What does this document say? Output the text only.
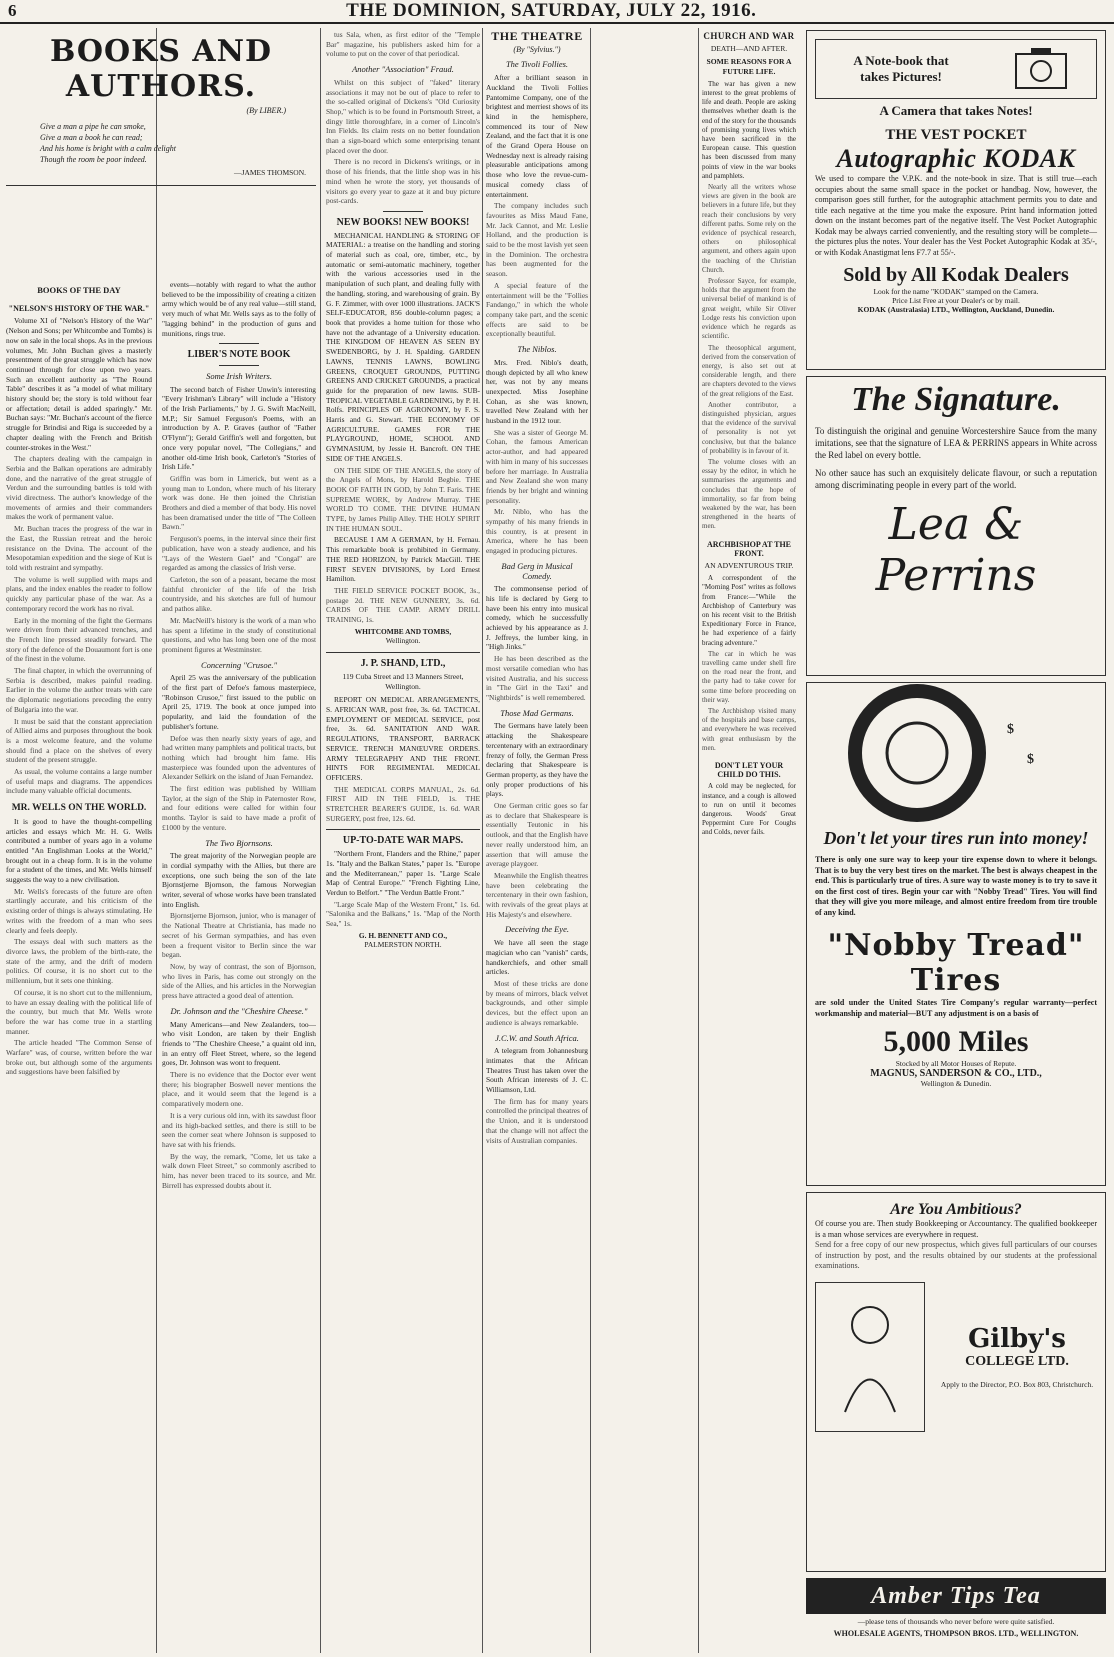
6	THE DOMINION, SATURDAY, JULY 22, 1916.
BOOKS AND AUTHORS.
(By LIBER.)
Give a man a pipe he can smoke,
Give a man a book he can read;
And his home is bright with a calm delight
Though the room be poor indeed.
—JAMES THOMSON.
BOOKS OF THE DAY
"NELSON'S HISTORY OF THE WAR."

Volume XI of "Nelson's History of the War" (Nelson and Sons; per Whitcombe and Tombs) is now on sale in the local shops. As in the previous volumes, Mr. John Buchan gives a masterly presentment of the great struggle which has now continued through for close upon two years. Such an excellent authority as "The Round Table" describes it as "a model of what military history should be; the story is told without fear or affectation; detail is added sparingly." Mr. Buchan says: "Mr. Buchan's account of the fierce struggle for Brindisi and Riga is succeeded by a chapter dealing with the French and British counter-strokes in the West."

The chapters dealing with the campaign in Serbia and the Balkan operations are admirably done, and the narrative of the great struggle of Verdun and the surrounding battles is told with vivid directness. The author's knowledge of the movements of armies and their commanders makes the work of permanent value.

Mr. Buchan traces the progress of the war in the East, the Russian retreat and the heroic resistance on the Dvina. The account of the Mesopotamian expedition and the siege of Kut is told with restraint and sympathy.

The volume is well supplied with maps and plans, and the index enables the reader to follow quickly any particular phase of the war. As a contemporary record the work has no rival.

Early in the morning of the fight the Germans were driven from their advanced trenches, and the French line pressed steadily forward. The story of the defence of the Douaumont fort is one of the finest in the volume.

The final chapter, in which the overrunning of Serbia is described, makes painful reading. Earlier in the volume the author treats with care the diplomatic negotiations preceding the entry of Bulgaria into the war.

It must be said that the constant appreciation of Allied aims and purposes throughout the book is a most welcome feature, and the volume should find a place on the shelves of every student of the present struggle.

As usual, the volume contains a large number of useful maps and diagrams. The appendices include many valuable official documents.

MR. WELLS ON THE WORLD.

It is good to have the thought-compelling articles and essays which Mr. H. G. Wells contributed a number of years ago in a volume entitled "An Englishman Looks at the World," brought out in a cheap form. It is in the volume for a student of the times, and Mr. Wells himself suggests the way to a new civilisation.

Mr. Wells's forecasts of the future are often startlingly accurate, and his criticism of the existing order of things is always stimulating. He writes with the freedom of a man who sees clearly and feels deeply.

The essays deal with such matters as the divorce laws, the problem of the birth-rate, the state of the army, and the drift of modern politics. Of course, it is no short cut to the millennium, but it sets one thinking.

Of course, it is no short cut to the millennium, to have an essay dealing with the political life of the country, but much that Mr. Wells wrote before the war has come true in a startling manner.

The article headed "The Common Sense of Warfare" was, of course, written before the war broke out, but although some of the arguments and suggestions have been falsified by

events—notably with regard to what the author believed to be the impossibility of creating a citizen army which would be of any real value—still stand, very much of what Mr. Wells says as to the folly of "lagging behind" in the production of guns and munitions, rings true.

LIBER'S NOTE BOOK
Some Irish Writers.

The second batch of Fisher Unwin's interesting "Every Irishman's Library" will include a "History of the Irish Parliaments," by J. G. Swift MacNeill, M.P.; Sir Samuel Ferguson's Poems, with an introduction by A. P. Graves (author of "Father O'Flynn"); Gerald Griffin's well and forgotten, but once very popular novel, "The Collegians," and another old-time Irish book, Carleton's "Stories of Irish Life."

Griffin was born in Limerick, but went as a young man to London, where much of his literary work was done. He then joined the Christian Brothers and died a member of that body. His novel has been dramatised under the title of "The Colleen Bawn."

Ferguson's poems, in the interval since their first publication, have won a steady audience, and his "Lays of the Western Gael" and "Congal" are regarded as among the classics of Irish verse.

Carleton, the son of a peasant, became the most faithful chronicler of the life of the Irish countryside, and his sketches are full of humour and pathos alike.

Mr. MacNeill's history is the work of a man who has spent a lifetime in the study of constitutional questions, and who has long been one of the most prominent figures at Westminster.

Concerning "Crusoe."

April 25 was the anniversary of the publication of the first part of Defoe's famous masterpiece, "Robinson Crusoe," first issued to the public on April 25, 1719. The book at once jumped into popularity, and laid the foundation of the publisher's fortune.

Defoe was then nearly sixty years of age, and had written many pamphlets and political tracts, but nothing which had brought him fame. His masterpiece was founded upon the adventures of Alexander Selkirk on the island of Juan Fernandez.

The first edition was published by William Taylor, at the sign of the Ship in Paternoster Row, and four editions were called for within four months. Taylor is said to have made a profit of £1000 by the venture.

The Two Bjornsons.

The great majority of the Norwegian people are in cordial sympathy with the Allies, but there are exceptions, one such being the son of the late Bjornstjerne Bjornson, the famous Norwegian writer, several of whose works have been translated into English.

Bjornstjerne Bjornson, junior, who is manager of the National Theatre at Christiania, has made no secret of his German sympathies, and has even been a frequent visitor to Berlin since the war began.

Now, by way of contrast, the son of Bjornson, who lives in Paris, has come out strongly on the side of the Allies, and his articles in the Norwegian press have attracted a good deal of attention.

Dr. Johnson and the "Cheshire Cheese."

Many Americans—and New Zealanders, too—who visit London, are taken by their English friends to "The Cheshire Cheese," a quaint old inn, in an entry off Fleet Street, where, so the legend goes, Dr. Johnson was wont to frequent.

There is no evidence that the Doctor ever went there; his biographer Boswell never mentions the place, and it would seem that the legend is a comparatively modern one.

It is a very curious old inn, with its sawdust floor and its high-backed settles, and there is still to be seen the corner seat where Johnson is supposed to have sat with his friends.

By the way, the remark, "Come, let us take a walk down Fleet Street," so commonly ascribed to him, has never been traced to its source, and Mr. Birrell has expressed doubts about it.

tus Sala, when, as first editor of the "Temple Bar" magazine, his publishers asked him for a volume to put on the cover of that periodical.

Another "Association" Fraud.

Whilst on this subject of "faked" literary associations it may not be out of place to refer to the so-called original of Dickens's "Old Curiosity Shop," which is to be found in Portsmouth Street, a dingy little thoroughfare, in a corner of Lincoln's Inn Fields. Its claim rests on no better foundation than a sign-board which some enterprising tenant placed over the door.

There is no record in Dickens's writings, or in those of his friends, that the little shop was in his mind when he wrote the story, yet thousands of visitors go every year to gaze at it and buy picture post-cards.

NEW BOOKS! NEW BOOKS!

MECHANICAL HANDLING & STORING OF MATERIAL: a treatise on the handling and storing of material such as coal, ore, timber, etc., by automatic or semi-automatic machinery, together with the various accessories used in the manipulation of such plant, and dealing fully with the handling, storing, and warehousing of grain. By G. F. Zimmer, with over 1000 illustrations. JACK'S SELF-EDUCATOR, 856 double-column pages; a book that provides a home tuition for those who have not the advantage of a University education. THE KINGDOM OF HEAVEN AS SEEN BY SWEDENBORG, by J. H. Spalding. GARDEN LAWNS, TENNIS LAWNS, BOWLING GREENS, CROQUET GROUNDS, PUTTING GREENS AND CRICKET GROUNDS, a practical guide for the preparation of new lawns. SUB-TROPICAL VEGETABLE GARDENING, by P. H. Rolfs. PRINCIPLES OF AGRONOMY, by F. S. Harris and G. Stewart. THE ECONOMY OF AGRICULTURE. GAMES FOR THE PLAYGROUND, HOME, SCHOOL AND GYMNASIUM, by Jessie H. Bancroft. ON THE SIDE OF THE ANGELS.

ON THE SIDE OF THE ANGELS, the story of the Angels of Mons, by Harold Begbie. THE BOOK OF FAITH IN GOD, by John T. Faris. THE SUPREME WORK, by Andrew Murray. THE WORLD TO COME. THE DIVINE HUMAN TYPE, by James Philip Alley. THE HOLY SPIRIT IN THE HUMAN SOUL.

BECAUSE I AM A GERMAN, by H. Fernau. This remarkable book is prohibited in Germany. THE RED HORIZON, by Patrick MacGill. THE FIRST SEVEN DIVISIONS, by Lord Ernest Hamilton.

THE FIELD SERVICE POCKET BOOK, 3s., postage 2d. THE NEW GUNNERY, 3s. 6d. CARDS OF THE CAMP. ARMY DRILL TRAINING, 1s.

WHITCOMBE AND TOMBS,
Wellington.
J. P. SHAND, LTD.,
119 Cuba Street and 13 Manners Street, Wellington.

REPORT ON MEDICAL ARRANGEMENTS, S. AFRICAN WAR, post free, 3s. 6d. TACTICAL EMPLOYMENT OF MEDICAL SERVICE, post free, 3s. 6d. SANITATION AND WAR. REGULATIONS, TRANSPORT, BARRACK SERVICE. TRENCH MANŒUVRE ORDERS. ARMY TELEGRAPHY AND THE FRONT. HINTS FOR REGIMENTAL MEDICAL OFFICERS.

THE MEDICAL CORPS MANUAL, 2s. 6d. FIRST AID IN THE FIELD, 1s. THE STRETCHER BEARER'S GUIDE, 1s. 6d. WAR SURGERY, post free, 12s. 6d.

UP-TO-DATE WAR MAPS.

"Northern Front, Flanders and the Rhine," paper 1s. "Italy and the Balkan States," paper 1s. "Europe and the Mediterranean," paper 1s. "Large Scale Map of Central Europe." "French Fighting Line, Verdun to Belfort." "The Verdun Battle Front."

"Large Scale Map of the Western Front," 1s. 6d. "Salonika and the Balkans," 1s. "Map of the North Sea," 1s.

G. H. BENNETT AND CO.,
PALMERSTON NORTH.
THE THEATRE
(By "Sylvius.")
The Tivoli Follies.

After a brilliant season in Auckland the Tivoli Follies Pantomime Company, one of the brightest and merriest shows of its kind in the hemisphere, commenced its tour of New Zealand, and the fact that it is one of the Grand Opera House on Wednesday next is already raising pleasurable anticipations among those who love the revue-cum-musical comedy class of entertainment.

The company includes such favourites as Miss Maud Fane, Mr. Jack Cannot, and Mr. Leslie Holland, and the production is said to be the most lavish yet seen in the Dominion. The orchestra has been augmented for the season.

A special feature of the entertainment will be the "Follies Fandango," in which the whole company take part, and the scenic effects are said to be exceptionally beautiful.

The Niblos.

Mrs. Fred. Niblo's death, though depicted by all who knew her, was not by any means unexpected. Miss Josephine Cohan, as she was known, travelled New Zealand with her husband in the 1912 tour.

She was a sister of George M. Cohan, the famous American actor-author, and had appeared with him in many of his successes before her marriage. In Australia and New Zealand she won many friends by her bright and winning personality.

Mr. Niblo, who has the sympathy of his many friends in this country, is at present in America, where he has been engaged in producing pictures.

Bad Gerg in Musical Comedy.

The commonsense period of his life is declared by Gerg to have been his entry into musical comedy, which he successfully achieved by his appearance as J. J. Jeffreys, the lumber king, in "High Jinks."

He has been described as the most versatile comedian who has visited Australia, and his success in "The Girl in the Taxi" and "Nightbirds" is well remembered.

Those Mad Germans.

The Germans have lately been attacking the Shakespeare tercentenary with an extraordinary frenzy of folly, the German Press declaring that Shakespeare is German property, as they have the only proper productions of his plays.

One German critic goes so far as to declare that Shakespeare is essentially Teutonic in his outlook, and that the English have never really understood him, an assertion that will amuse the average playgoer.

Meanwhile the English theatres have been celebrating the tercentenary in their own fashion, with revivals of the great plays at His Majesty's and elsewhere.

Deceiving the Eye.

We have all seen the stage magician who can "vanish" cards, handkerchiefs, and other small articles.

Most of these tricks are done by means of mirrors, black velvet backgrounds, and other simple devices, but the effect upon an audience is always remarkable.

J.C.W. and South Africa.

A telegram from Johannesburg intimates that the African Theatres Trust has taken over the South African interests of J. C. Williamson, Ltd.

The firm has for many years controlled the principal theatres of the Union, and it is understood that the change will not affect the visits of Australian companies.

A Note-book that takes Pictures!
A Camera that takes Notes!
THE VEST POCKET
Autographic KODAK
We used to compare the V.P.K. and the note-book in size. That is still true—each occupies about the same small space in the pocket or handbag. Now, however, the comparison goes still further, for the autographic attachment permits you to date and title each negative at the time you make the exposure. Print hand information jotted down on the instant becomes part of the negative itself. The Vest Pocket Autographic Kodak may be always carried conveniently, and the resulting story will be complete—the pictures plus the notes. Your dealer has the Vest Pocket Autographic Kodak at 35/-, or with Kodak Anastigmat lens F7.7 at 55/-.
Sold by All Kodak Dealers
Look for the name "KODAK" stamped on the Camera.
Price List Free at your Dealer's or by mail.
KODAK (Australasia) LTD., Wellington, Auckland, Dunedin.
The Signature.
To distinguish the original and genuine Worcestershire Sauce from the many imitations, see that the signature of LEA & PERRINS appears in White across the Red label on every bottle.
No other sauce has such an exquisitely delicate flavour, or such a reputation among discriminating people in every part of the world.
Lea & Perrins
$
$
Don't let your tires run into money!
There is only one sure way to keep your tire expense down to where it belongs. That is to buy the very best tires on the market. The best is always cheapest in the end. This is particularly true of tires. A sure way to waste money is to try to save it on the first cost of tires. Begin your car with "Nobby Tread" Tires. You will find that they will give you more mileage, and almost entire freedom from tire trouble of any kind.
"Nobby Tread" Tires
are sold under the United States Tire Company's regular warranty—perfect workmanship and material—BUT any adjustment is on a basis of
5,000 Miles
Stocked by all Motor Houses of Repute.
MAGNUS, SANDERSON & CO., LTD.,
Wellington & Dunedin.
Are You Ambitious?
Of course you are. Then study Bookkeeping or Accountancy. The qualified bookkeeper is a man whose services are everywhere in request.
Send for a free copy of our new prospectus, which gives full particulars of our courses of instruction by post, and the results obtained by our students at the professional examinations.
Gilby's
COLLEGE LTD.
Apply to the Director, P.O. Box 803, Christchurch.
Amber Tips Tea
—please tens of thousands who never before were quite satisfied.
WHOLESALE AGENTS, THOMPSON BROS. LTD., WELLINGTON.
CHURCH AND WAR
DEATH—AND AFTER.
SOME REASONS FOR A FUTURE LIFE.

The war has given a new interest to the great problems of life and death. People are asking themselves whether death is the end of the story for the thousands of promising young lives which have been sacrificed in the European cause. This question has been discussed from many points of view in the war books and pamphlets.

Nearly all the writers whose views are given in the book are believers in a future life, but they reach their conclusions by very different paths. Some rely on the evidence of psychical research, others on philosophical argument, and others again upon the teaching of the Christian Church.

Professor Sayce, for example, holds that the argument from the universal belief of mankind is of great weight, while Sir Oliver Lodge rests his conviction upon evidence which he regards as scientific.

The theosophical argument, derived from the conservation of energy, is also set out at considerable length, and there are chapters devoted to the views of the great religions of the East.

Another contributor, a distinguished physician, argues that the evidence of the survival of personality is not yet conclusive, but that the balance of probability is in favour of it.

The volume closes with an essay by the editor, in which he summarises the arguments and concludes that the hope of immortality, so far from being weakened by the war, has been strengthened in the hearts of men.

ARCHBISHOP AT THE FRONT.
AN ADVENTUROUS TRIP.

A correspondent of the "Morning Post" writes as follows from France:—"While the Archbishop of Canterbury was on his recent visit to the British Expeditionary Force in France, he had experience of a fairly bracing adventure."

The car in which he was travelling came under shell fire on the road near the front, and the party had to take cover for some time before proceeding on their way.

The Archbishop visited many of the hospitals and base camps, and everywhere he was received with great enthusiasm by the men.

DON'T LET YOUR CHILD DO THIS.

A cold may be neglected, for instance, and a cough is allowed to run on until it becomes dangerous. Woods' Great Peppermint Cure For Coughs and Colds, never fails.
